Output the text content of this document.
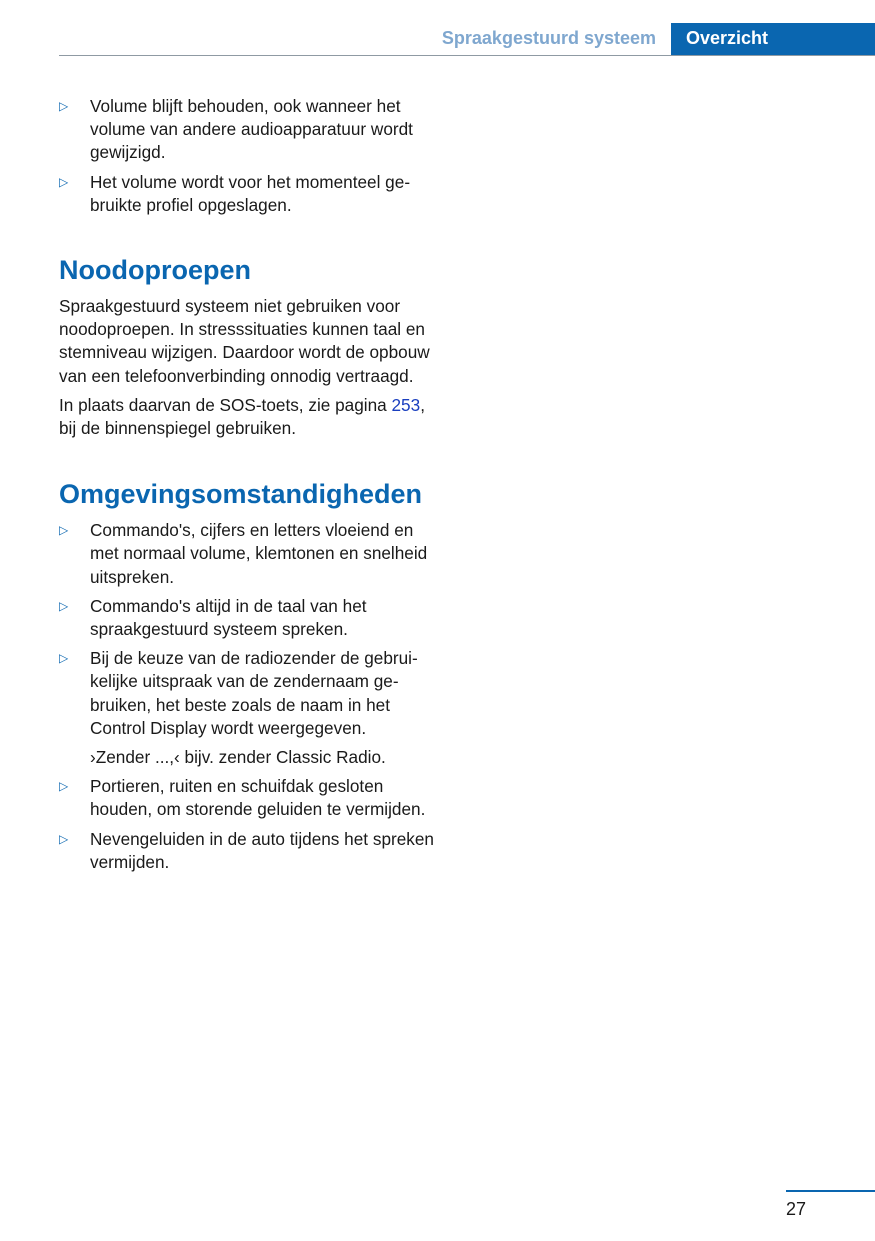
Spraakgestuurd systeem	Overzicht
▷ Volume blijft behouden, ook wanneer het volume van andere audioapparatuur wordt gewijzigd.
▷ Het volume wordt voor het momenteel gebruikte profiel opgeslagen.
Noodoproepen

Spraakgestuurd systeem niet gebruiken voor noodoproepen. In stresssituaties kunnen taal en stemniveau wijzigen. Daardoor wordt de opbouw van een telefoonverbinding onnodig vertraagd.

In plaats daarvan de SOS-toets, zie pagina 253, bij de binnenspiegel gebruiken.

Omgevingsomstandigheden
▷ Commando's, cijfers en letters vloeiend en met normaal volume, klemtonen en snelheid uitspreken.
▷ Commando's altijd in de taal van het spraakgestuurd systeem spreken.
▷ Bij de keuze van de radiozender de gebruikelijke uitspraak van de zendernaam gebruiken, het beste zoals de naam in het Control Display wordt weergegeven.
›Zender ...,‹ bijv. zender Classic Radio.
▷ Portieren, ruiten en schuifdak gesloten houden, om storende geluiden te vermijden.
▷ Nevengeluiden in de auto tijdens het spreken vermijden.
27
